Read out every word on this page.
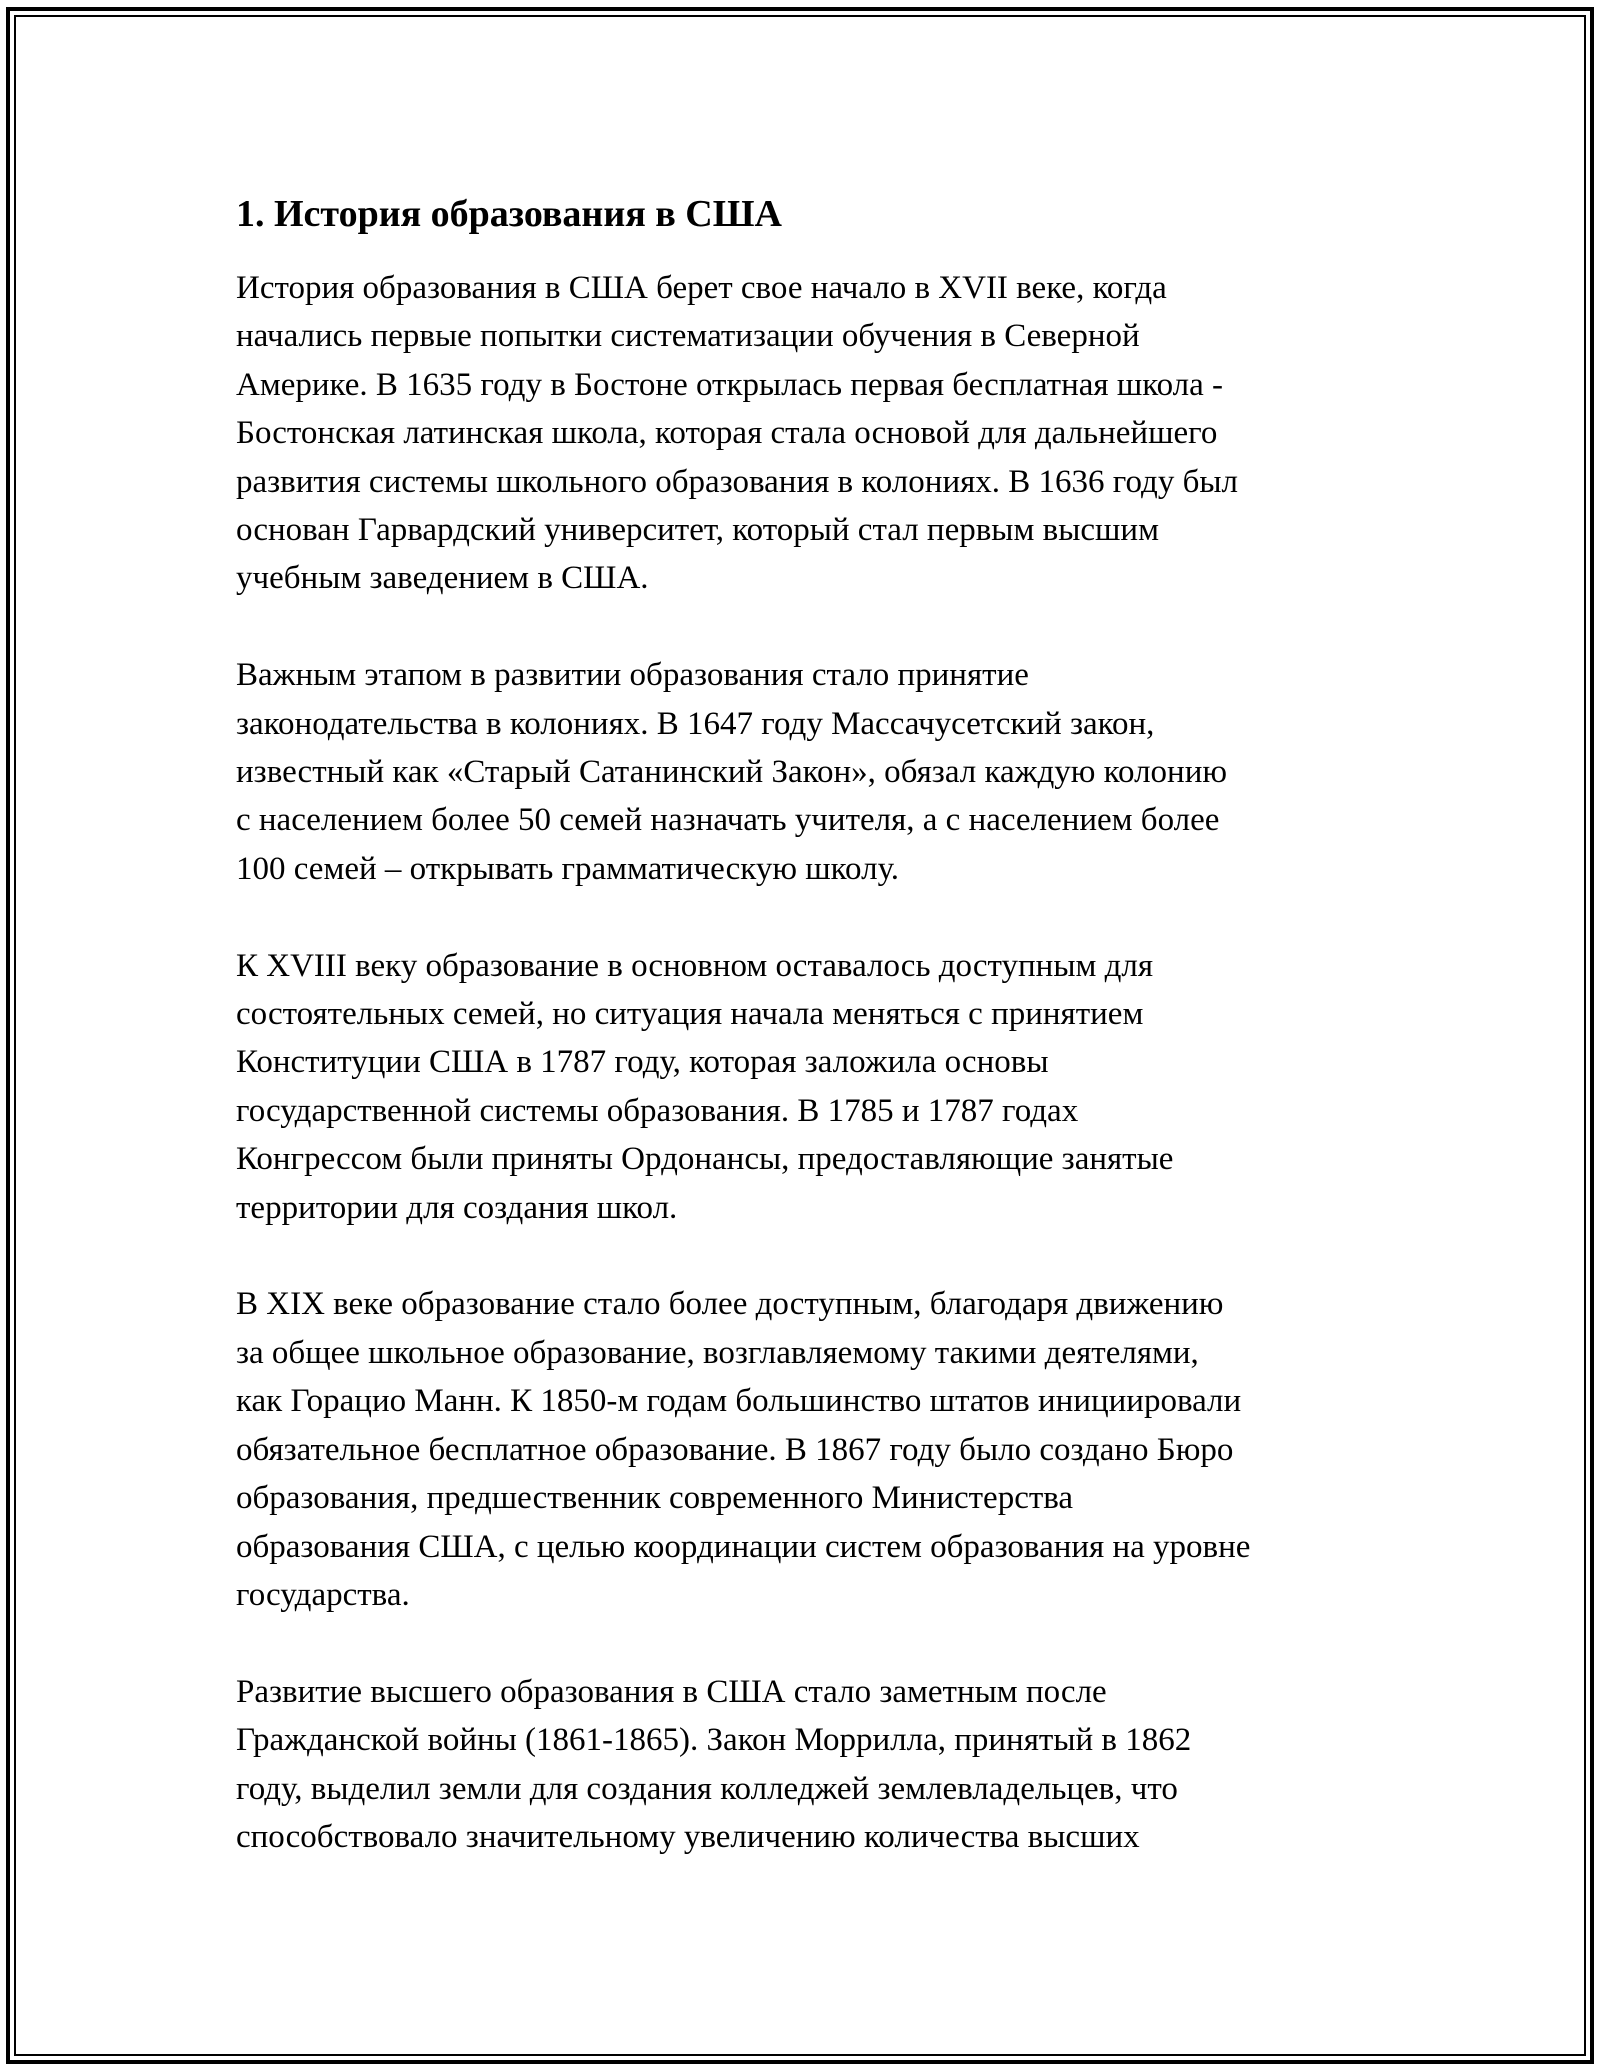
1. История образования в США

История образования в США берет свое начало в XVII веке, когда
начались первые попытки систематизации обучения в Северной
Америке. В 1635 году в Бостоне открылась первая бесплатная школа -
Бостонская латинская школа, которая стала основой для дальнейшего
развития системы школьного образования в колониях. В 1636 году был
основан Гарвардский университет, который стал первым высшим
учебным заведением в США.

Важным этапом в развитии образования стало принятие
законодательства в колониях. В 1647 году Массачусетский закон,
известный как «Старый Сатанинский Закон», обязал каждую колонию
с населением более 50 семей назначать учителя, а с населением более
100 семей – открывать грамматическую школу.

К XVIII веку образование в основном оставалось доступным для
состоятельных семей, но ситуация начала меняться с принятием
Конституции США в 1787 году, которая заложила основы
государственной системы образования. В 1785 и 1787 годах
Конгрессом были приняты Ордонансы, предоставляющие занятые
территории для создания школ.

В XIX веке образование стало более доступным, благодаря движению
за общее школьное образование, возглавляемому такими деятелями,
как Горацио Манн. К 1850-м годам большинство штатов инициировали
обязательное бесплатное образование. В 1867 году было создано Бюро
образования, предшественник современного Министерства
образования США, с целью координации систем образования на уровне
государства.

Развитие высшего образования в США стало заметным после
Гражданской войны (1861-1865). Закон Моррилла, принятый в 1862
году, выделил земли для создания колледжей землевладельцев, что
способствовало значительному увеличению количества высших
